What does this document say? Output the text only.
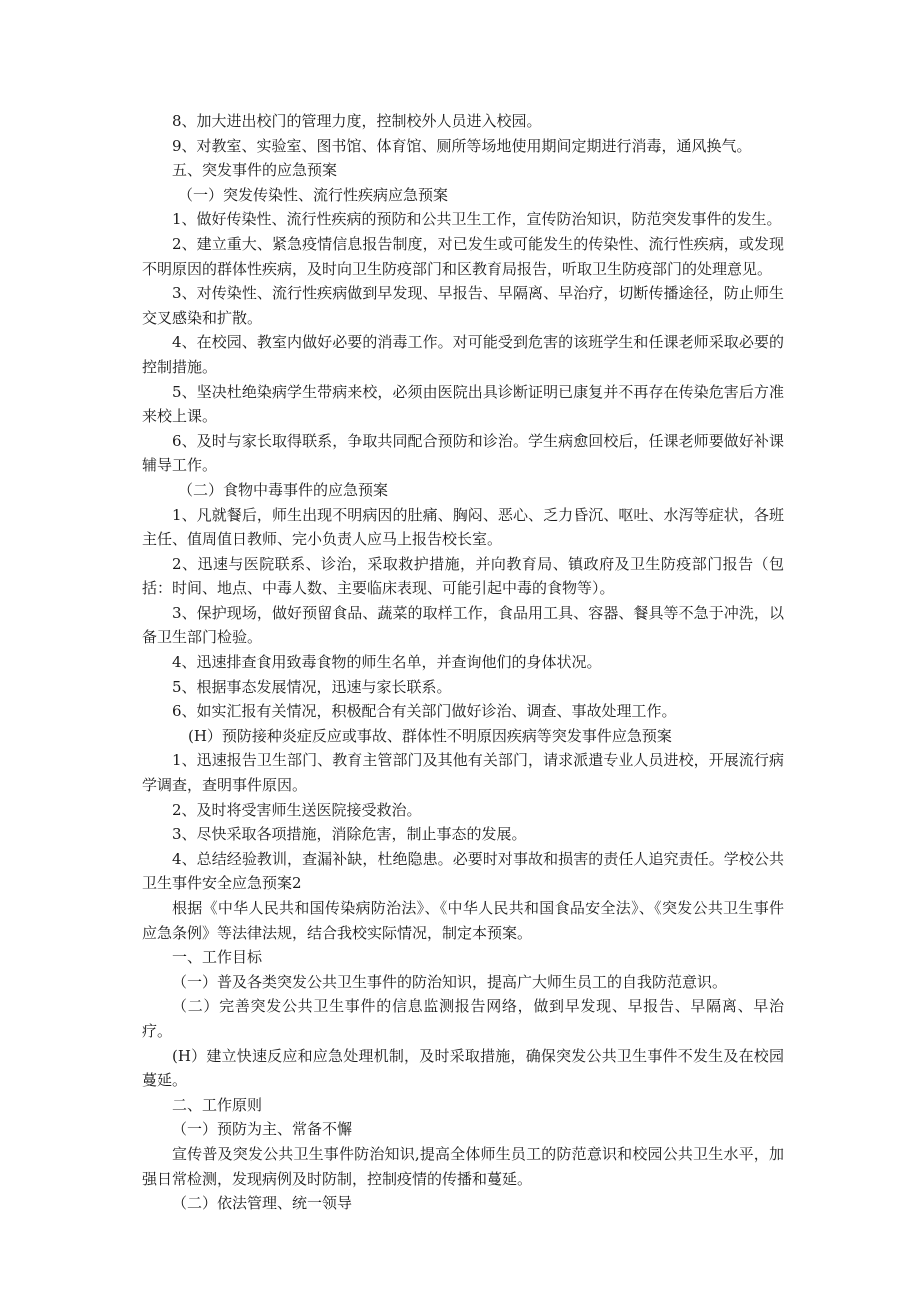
8、加大进出校门的管理力度，控制校外人员进入校园。

9、对教室、实验室、图书馆、体育馆、厕所等场地使用期间定期进行消毒，通风换气。

五、突发事件的应急预案

（一）突发传染性、流行性疾病应急预案

1、做好传染性、流行性疾病的预防和公共卫生工作，宣传防治知识，防范突发事件的发生。

2、建立重大、紧急疫情信息报告制度，对已发生或可能发生的传染性、流行性疾病，或发现不明原因的群体性疾病，及时向卫生防疫部门和区教育局报告，听取卫生防疫部门的处理意见。

3、对传染性、流行性疾病做到早发现、早报告、早隔离、早治疗，切断传播途径，防止师生交叉感染和扩散。

4、在校园、教室内做好必要的消毒工作。对可能受到危害的该班学生和任课老师采取必要的控制措施。

5、坚决杜绝染病学生带病来校，必须由医院出具诊断证明已康复并不再存在传染危害后方准来校上课。

6、及时与家长取得联系，争取共同配合预防和诊治。学生病愈回校后，任课老师要做好补课辅导工作。

（二）食物中毒事件的应急预案

1、凡就餐后，师生出现不明病因的肚痛、胸闷、恶心、乏力昏沉、呕吐、水泻等症状，各班主任、值周值日教师、完小负责人应马上报告校长室。

2、迅速与医院联系、诊治，采取救护措施，并向教育局、镇政府及卫生防疫部门报告（包括：时间、地点、中毒人数、主要临床表现、可能引起中毒的食物等）。

3、保护现场，做好预留食品、蔬菜的取样工作，食品用工具、容器、餐具等不急于冲洗，以备卫生部门检验。

4、迅速排查食用致毒食物的师生名单，并查询他们的身体状况。

5、根据事态发展情况，迅速与家长联系。

6、如实汇报有关情况，积极配合有关部门做好诊治、调查、事故处理工作。

(H）预防接种炎症反应或事故、群体性不明原因疾病等突发事件应急预案

1、迅速报告卫生部门、教育主管部门及其他有关部门，请求派遣专业人员进校，开展流行病学调查，查明事件原因。

2、及时将受害师生送医院接受救治。

3、尽快采取各项措施，消除危害，制止事态的发展。

4、总结经验教训，查漏补缺，杜绝隐患。必要时对事故和损害的责任人追究责任。学校公共卫生事件安全应急预案2

根据《中华人民共和国传染病防治法》、《中华人民共和国食品安全法》、《突发公共卫生事件应急条例》等法律法规，结合我校实际情况，制定本预案。

一、工作目标

（一）普及各类突发公共卫生事件的防治知识，提高广大师生员工的自我防范意识。

（二）完善突发公共卫生事件的信息监测报告网络，做到早发现、早报告、早隔离、早治疗。

(H）建立快速反应和应急处理机制，及时采取措施，确保突发公共卫生事件不发生及在校园蔓延。

二、工作原则

（一）预防为主、常备不懈

宣传普及突发公共卫生事件防治知识,提高全体师生员工的防范意识和校园公共卫生水平，加强日常检测，发现病例及时防制，控制疫情的传播和蔓延。

（二）依法管理、统一领导
